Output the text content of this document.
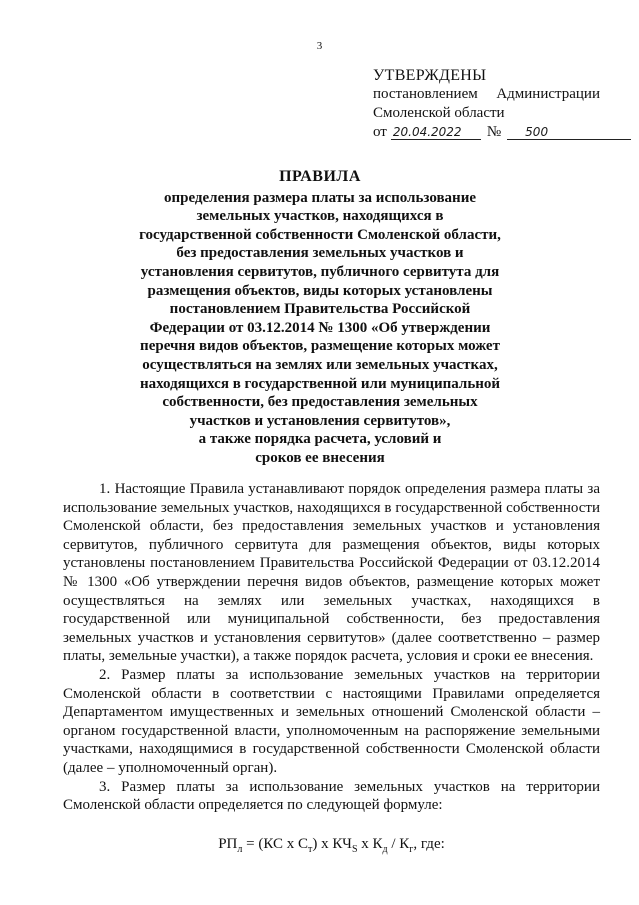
3
УТВЕРЖДЕНЫ
постановлением Администрации
Смоленской области
от 20.04.2022	№	500
ПРАВИЛА
определения размера платы за использование
земельных участков, находящихся в
государственной собственности Смоленской области,
без предоставления земельных участков и
установления сервитутов, публичного сервитута для
размещения объектов, виды которых установлены
постановлением Правительства Российской
Федерации от 03.12.2014 № 1300 «Об утверждении
перечня видов объектов, размещение которых может
осуществляться на землях или земельных участках,
находящихся в государственной или муниципальной
собственности, без предоставления земельных
участков и установления сервитутов»,
а также порядка расчета, условий и
сроков ее внесения

1. Настоящие Правила устанавливают порядок определения размера платы за использование земельных участков, находящихся в государственной собственности Смоленской области, без предоставления земельных участков и установления сервитутов, публичного сервитута для размещения объектов, виды которых установлены постановлением Правительства Российской Федерации от 03.12.2014 № 1300 «Об утверждении перечня видов объектов, размещение которых может осуществляться на землях или земельных участках, находящихся в государственной или муниципальной собственности, без предоставления земельных участков и установления сервитутов» (далее соответственно – размер платы, земельные участки), а также порядок расчета, условия и сроки ее внесения.

2. Размер платы за использование земельных участков на территории Смоленской области в соответствии с настоящими Правилами определяется Департаментом имущественных и земельных отношений Смоленской области – органом государственной власти, уполномоченным на распоряжение земельными участками, находящимися в государственной собственности Смоленской области (далее – уполномоченный орган).

3. Размер платы за использование земельных участков на территории Смоленской области определяется по следующей формуле:

$РП_л = (КС$ x $С_т$) x $КЧ_S$ x $К_д / К_г$, где:
